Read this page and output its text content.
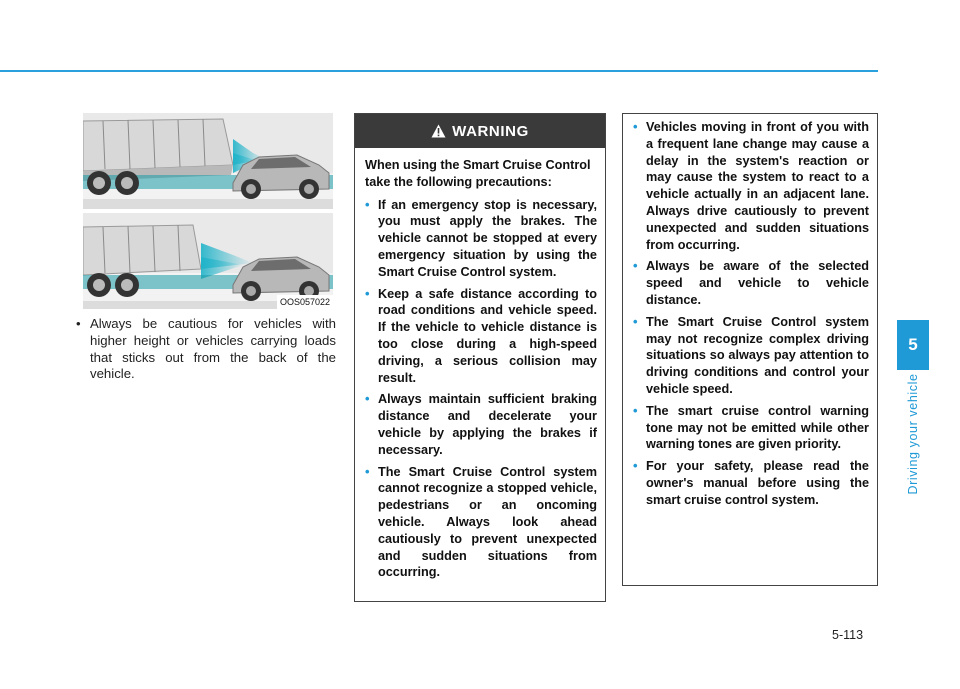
5
Driving your vehicle
OOS057022
• Always be cautious for vehicles with higher height or vehicles carrying loads that sticks out from the back of the vehicle.
WARNING
When using the Smart Cruise Control take the following precautions:
• If an emergency stop is necessary, you must apply the brakes. The vehicle cannot be stopped at every emergency situation by using the Smart Cruise Control system.
• Keep a safe distance according to road conditions and vehicle speed. If the vehicle to vehicle distance is too close during a high-speed driving, a serious collision may result.
• Always maintain sufficient braking distance and decelerate your vehicle by applying the brakes if necessary.
• The Smart Cruise Control system cannot recognize a stopped vehicle, pedestrians or an oncoming vehicle. Always look ahead cautiously to prevent unexpected and sudden situations from occurring.
• Vehicles moving in front of you with a frequent lane change may cause a delay in the system's reaction or may cause the system to react to a vehicle actually in an adjacent lane. Always drive cautiously to prevent unexpected and sudden situations from occurring.
• Always be aware of the selected speed and vehicle to vehicle distance.
• The Smart Cruise Control system may not recognize complex driving situations so always pay attention to driving conditions and control your vehicle speed.
• The smart cruise control warning tone may not be emitted while other warning tones are given priority.
• For your safety, please read the owner's manual before using the smart cruise control system.
5-113
